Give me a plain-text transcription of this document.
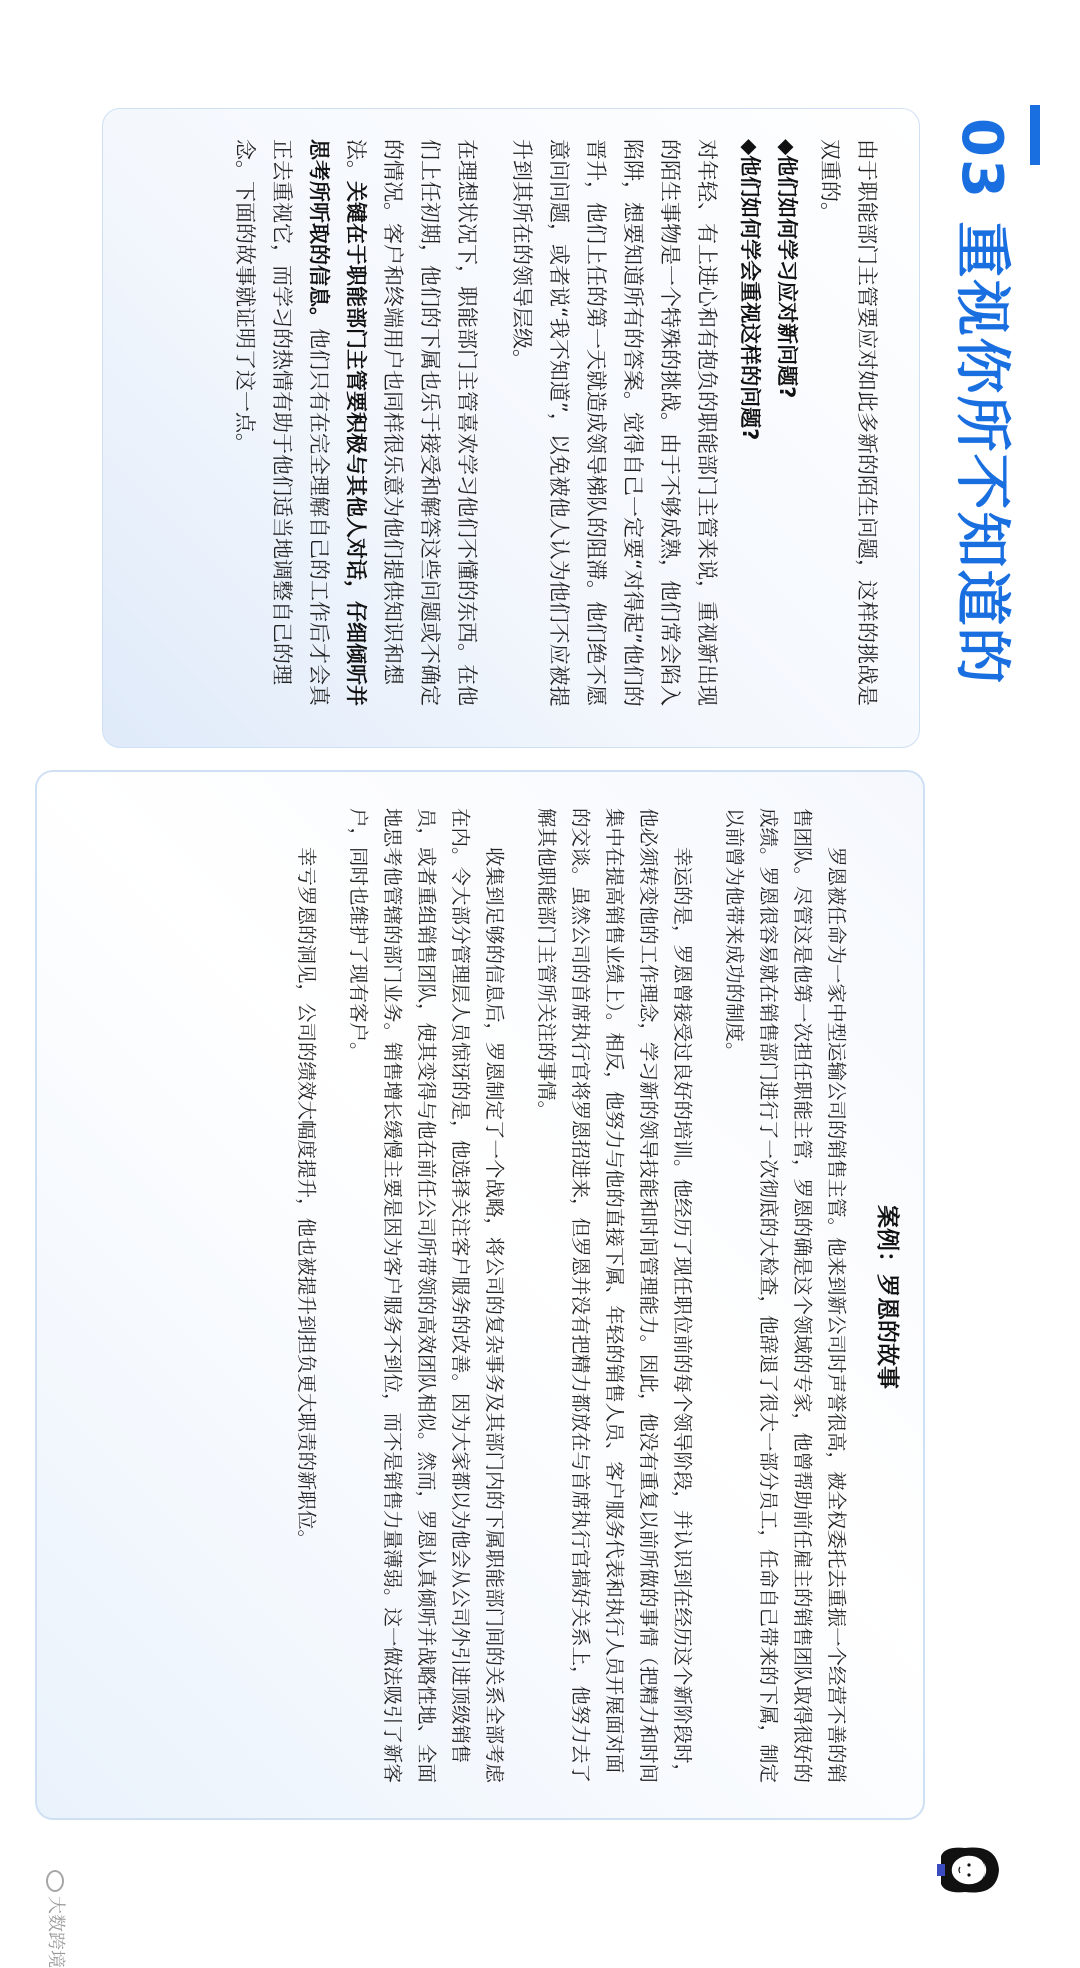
03 重视你所不知道的

由于职能部门主管要应对如此多新的陌生问题，这样的挑战是双重的。

◆他们如何学习应对新问题?

◆他们如何学会重视这样的问题?

对年轻、有上进心和有抱负的职能部门主管来说，重视新出现的陌生事物是一个特殊的挑战。由于不够成熟，他们常会陷入陷阱，想要知道所有的答案。觉得自己一定要“对得起”他们的晋升，他们上任的第一天就造成领导梯队的阻滞。他们绝不愿意问问题，或者说“我不知道”，以免被他人认为他们不应被提升到其所在的领导层级。

在理想状况下，职能部门主管喜欢学习他们不懂的东西。在他们上任初期，他们的下属也乐于接受和解答这些问题或不确定的情况。客户和终端用户也同样很乐意为他们提供知识和想法。关键在于职能部门主管要积极与其他人对话，仔细倾听并思考所听取的信息。他们只有在完全理解自己的工作后才会真正去重视它，而学习的热情有助于他们适当地调整自己的理念。下面的故事就证明了这一点。

案例：罗恩的故事

罗恩被任命为一家中型运输公司的销售主管。他来到新公司时声誉很高，被全权委托去重振一个经营不善的销售团队。尽管这是他第一次担任职能主管，罗恩的确是这个领域的专家，他曾帮助前任雇主的销售团队取得很好的成绩。罗恩很容易就在销售部门进行了一次彻底的大检查，他辞退了很大一部分员工，任命自己带来的下属，制定以前曾为他带来成功的制度。

幸运的是，罗恩曾接受过良好的培训。他经历了现任职位前的每个领导阶段，并认识到在经历这个新阶段时，他必须转变他的工作理念，学习新的领导技能和时间管理能力。因此，他没有重复以前所做的事情（把精力和时间集中在提高销售业绩上）。相反，他努力与他的直接下属、年轻的销售人员、客户服务代表和执行人员开展面对面的交谈。虽然公司的首席执行官将罗恩招进来，但罗恩并没有把精力都放在与首席执行官搞好关系上，他努力去了解其他职能部门主管所关注的事情。

收集到足够的信息后，罗恩制定了一个战略，将公司的复杂事务及其部门内的下属职能部门间的关系全部考虑在内。令大部分管理层人员惊讶的是，他选择关注客户服务的改善。因为大家都以为他会从公司外引进顶级销售员，或者重组销售团队，使其变得与他在前任公司所带领的高效团队相似。然而，罗恩认真倾听并战略性地、全面地思考他管辖的部门业务。销售增长缓慢主要是因为客户服务不到位，而不是销售力量薄弱。这一做法吸引了新客户，同时也维护了现有客户。

幸亏罗恩的洞见，公司的绩效大幅度提升，他也被提升到担负更大职责的新职位。

大数跨境
